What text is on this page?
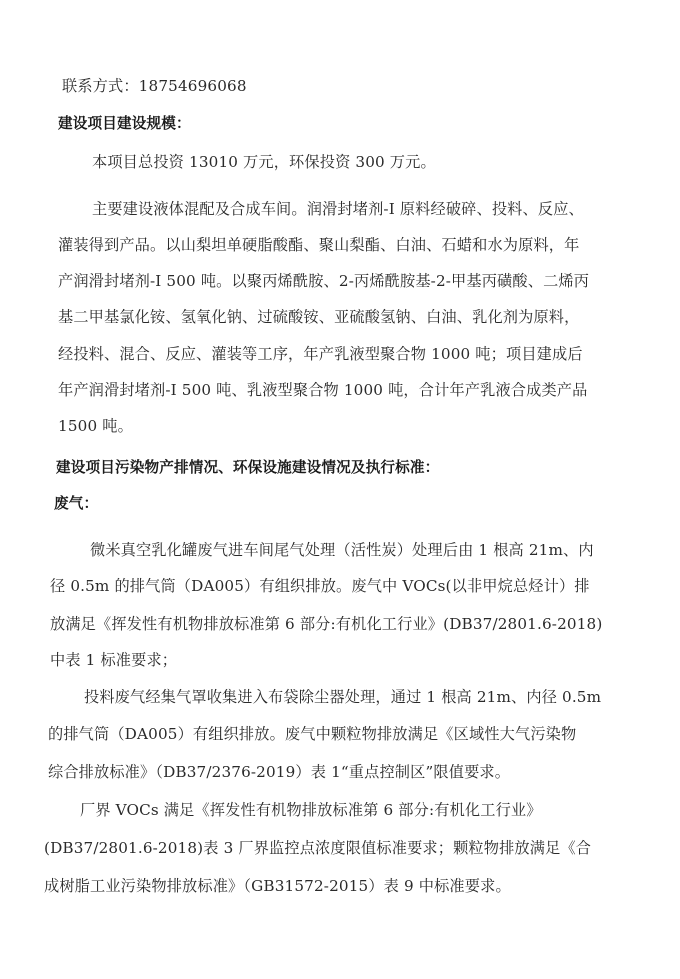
联系方式：18754696068
建设项目建设规模：
本项目总投资 13010 万元，环保投资 300 万元。
主要建设液体混配及合成车间。润滑封堵剂-I 原料经破碎、投料、反应、
灌装得到产品。以山梨坦单硬脂酸酯、聚山梨酯、白油、石蜡和水为原料，年
产润滑封堵剂-I 500 吨。以聚丙烯酰胺、2-丙烯酰胺基-2-甲基丙磺酸、二烯丙
基二甲基氯化铵、氢氧化钠、过硫酸铵、亚硫酸氢钠、白油、乳化剂为原料，
经投料、混合、反应、灌装等工序，年产乳液型聚合物 1000 吨；项目建成后
年产润滑封堵剂-I 500 吨、乳液型聚合物 1000 吨，合计年产乳液合成类产品
1500 吨。
建设项目污染物产排情况、环保设施建设情况及执行标准：
废气：
微米真空乳化罐废气进车间尾气处理（活性炭）处理后由 1 根高 21m、内
径 0.5m 的排气筒（DA005）有组织排放。废气中 VOCs(以非甲烷总烃计）排
放满足《挥发性有机物排放标准第 6 部分:有机化工行业》(DB37/2801.6-2018)
中表 1 标准要求；
投料废气经集气罩收集进入布袋除尘器处理，通过 1 根高 21m、内径 0.5m
的排气筒（DA005）有组织排放。废气中颗粒物排放满足《区域性大气污染物
综合排放标准》（DB37/2376-2019）表 1“重点控制区”限值要求。
厂界 VOCs 满足《挥发性有机物排放标准第 6 部分:有机化工行业》
(DB37/2801.6-2018)表 3 厂界监控点浓度限值标准要求；颗粒物排放满足《合
成树脂工业污染物排放标准》（GB31572-2015）表 9 中标准要求。
